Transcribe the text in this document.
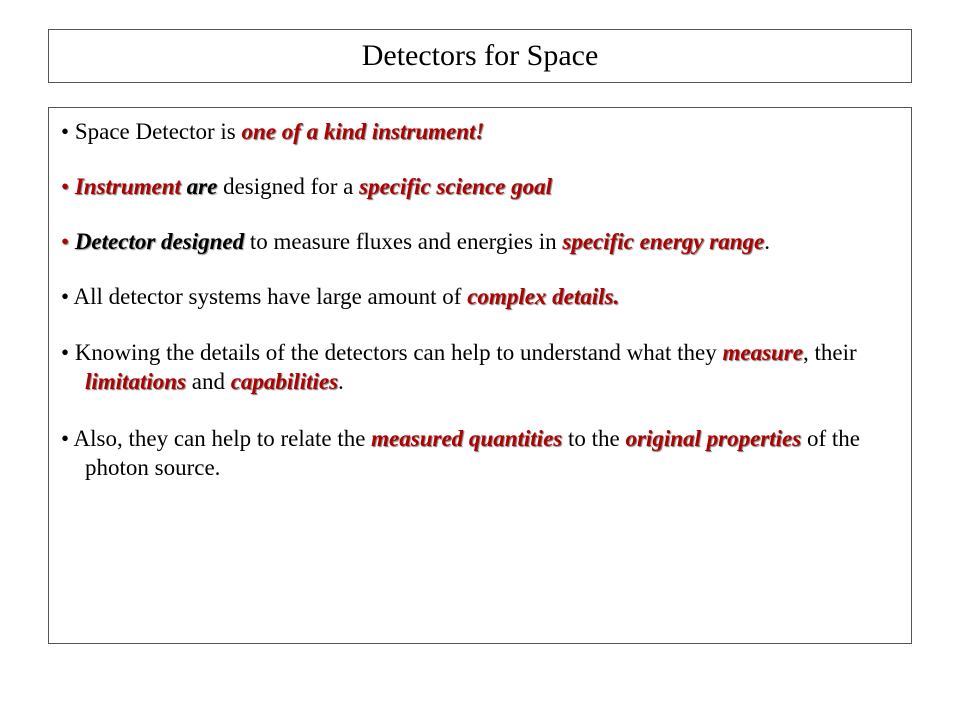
Detectors for Space

• Space Detector is one of a kind instrument!

• Instrument are designed for a specific science goal

• Detector designed to measure fluxes and energies in specific energy range.

• All detector systems have large amount of complex details.

• Knowing the details of the detectors can help to understand what they measure, their limitations and capabilities.

• Also, they can help to relate the measured quantities to the original properties of the photon source.
